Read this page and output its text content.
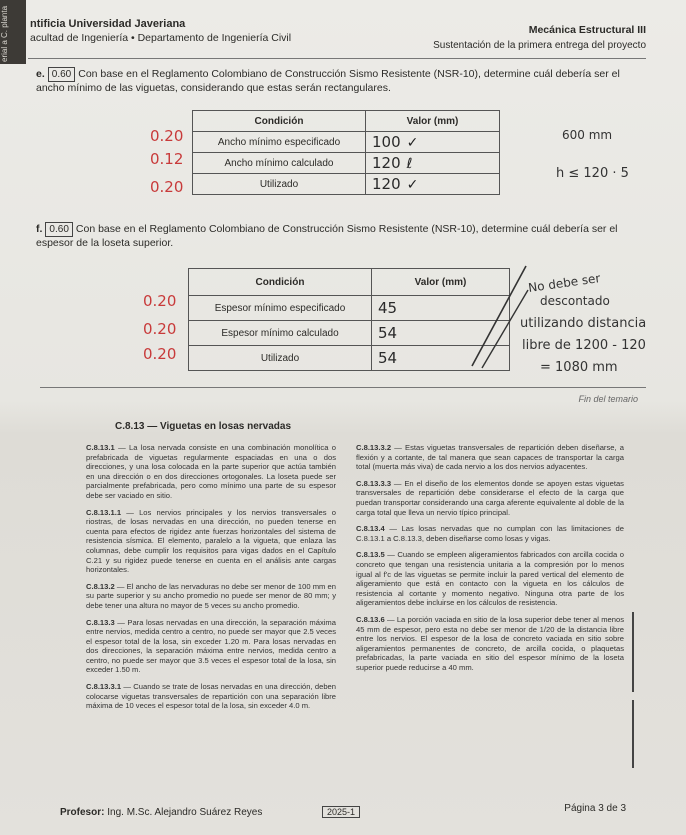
erial a C. planta	ntificia Universidad Javeriana
acultad de Ingeniería • Departamento de Ingeniería Civil
Mecánica Estructural III
Sustentación de la primera entrega del proyecto
e. 0.60 Con base en el Reglamento Colombiano de Construcción Sismo Resistente (NSR-10), determine cuál debería ser el ancho mínimo de las viguetas, considerando que estas serán rectangulares.
0.20
0.12
0.20
Condición	Valor (mm)
Ancho mínimo especificado	100 ✓
Ancho mínimo calculado	120 ℓ
Utilizado	120 ✓
600 mm
h ≤ 120 · 5
f. 0.60 Con base en el Reglamento Colombiano de Construcción Sismo Resistente (NSR-10), determine cuál debería ser el espesor de la loseta superior.
0.20
0.20
0.20
Condición	Valor (mm)
Espesor mínimo especificado	45
Espesor mínimo calculado	54
Utilizado	54
No debe ser
descontado
utilizando distancia
libre de 1200 - 120
= 1080 mm
Fin del temario
C.8.13 — Viguetas en losas nervadas

C.8.13.1 — La losa nervada consiste en una combinación monolítica o prefabricada de viguetas regularmente espaciadas en una o dos direcciones, y una losa colocada en la parte superior que actúa también en una dirección o en dos direcciones ortogonales. La loseta puede ser parcialmente prefabricada, pero como mínimo una parte de su espesor debe ser vaciado en sitio.

C.8.13.1.1 — Los nervios principales y los nervios transversales o riostras, de losas nervadas en una dirección, no pueden tenerse en cuenta para efectos de rigidez ante fuerzas horizontales del sistema de resistencia sísmica. El elemento, paralelo a la vigueta, que enlaza las columnas, debe cumplir los requisitos para vigas dados en el Capítulo C.21 y su rigidez puede tenerse en cuenta en el análisis ante cargas horizontales.

C.8.13.2 — El ancho de las nervaduras no debe ser menor de 100 mm en su parte superior y su ancho promedio no puede ser menor de 80 mm; y debe tener una altura no mayor de 5 veces su ancho promedio.

C.8.13.3 — Para losas nervadas en una dirección, la separación máxima entre nervios, medida centro a centro, no puede ser mayor que 2.5 veces el espesor total de la losa, sin exceder 1.20 m. Para losas nervadas en dos direcciones, la separación máxima entre nervios, medida centro a centro, no puede ser mayor que 3.5 veces el espesor total de la losa, sin exceder 1.50 m.

C.8.13.3.1 — Cuando se trate de losas nervadas en una dirección, deben colocarse viguetas transversales de repartición con una separación libre máxima de 10 veces el espesor total de la losa, sin exceder 4.0 m.

C.8.13.3.2 — Estas viguetas transversales de repartición deben diseñarse, a flexión y a cortante, de tal manera que sean capaces de transportar la carga total (muerta más viva) de cada nervio a los dos nervios adyacentes.

C.8.13.3.3 — En el diseño de los elementos donde se apoyen estas viguetas transversales de repartición debe considerarse el efecto de la carga que puedan transportar considerando una carga aferente equivalente al doble de la carga total que lleva un nervio típico principal.

C.8.13.4 — Las losas nervadas que no cumplan con las limitaciones de C.8.13.1 a C.8.13.3, deben diseñarse como losas y vigas.

C.8.13.5 — Cuando se empleen aligeramientos fabricados con arcilla cocida o concreto que tengan una resistencia unitaria a la compresión por lo menos igual al f'c de las viguetas se permite incluir la pared vertical del elemento de aligeramiento que está en contacto con la vigueta en los cálculos de resistencia al cortante y momento negativo. Ninguna otra parte de los aligeramientos debe incluirse en los cálculos de resistencia.

C.8.13.6 — La porción vaciada en sitio de la losa superior debe tener al menos 45 mm de espesor, pero esta no debe ser menor de 1/20 de la distancia libre entre los nervios. El espesor de la losa de concreto vaciada en sitio sobre aligeramientos permanentes de concreto, de arcilla cocida, o plaquetas prefabricadas, la parte vaciada en sitio del espesor mínimo de la loseta superior puede reducirse a 40 mm.

Profesor: Ing. M.Sc. Alejandro Suárez Reyes	2025-1	Página 3 de 3
